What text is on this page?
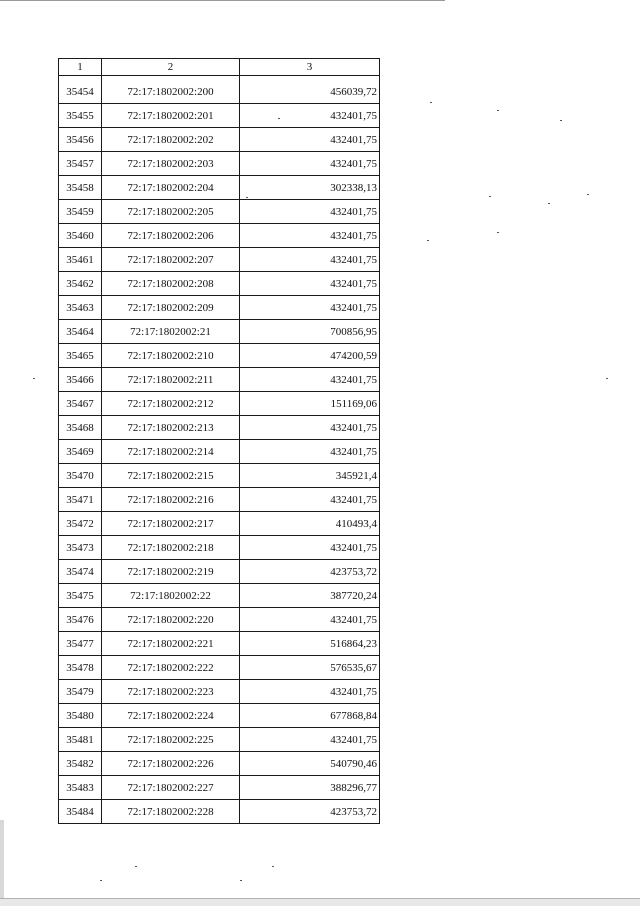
1	2	3
35454	72:17:1802002:200	456039,72
35455	72:17:1802002:201	432401,75
35456	72:17:1802002:202	432401,75
35457	72:17:1802002:203	432401,75
35458	72:17:1802002:204	302338,13
35459	72:17:1802002:205	432401,75
35460	72:17:1802002:206	432401,75
35461	72:17:1802002:207	432401,75
35462	72:17:1802002:208	432401,75
35463	72:17:1802002:209	432401,75
35464	72:17:1802002:21	700856,95
35465	72:17:1802002:210	474200,59
35466	72:17:1802002:211	432401,75
35467	72:17:1802002:212	151169,06
35468	72:17:1802002:213	432401,75
35469	72:17:1802002:214	432401,75
35470	72:17:1802002:215	345921,4
35471	72:17:1802002:216	432401,75
35472	72:17:1802002:217	410493,4
35473	72:17:1802002:218	432401,75
35474	72:17:1802002:219	423753,72
35475	72:17:1802002:22	387720,24
35476	72:17:1802002:220	432401,75
35477	72:17:1802002:221	516864,23
35478	72:17:1802002:222	576535,67
35479	72:17:1802002:223	432401,75
35480	72:17:1802002:224	677868,84
35481	72:17:1802002:225	432401,75
35482	72:17:1802002:226	540790,46
35483	72:17:1802002:227	388296,77
35484	72:17:1802002:228	423753,72
